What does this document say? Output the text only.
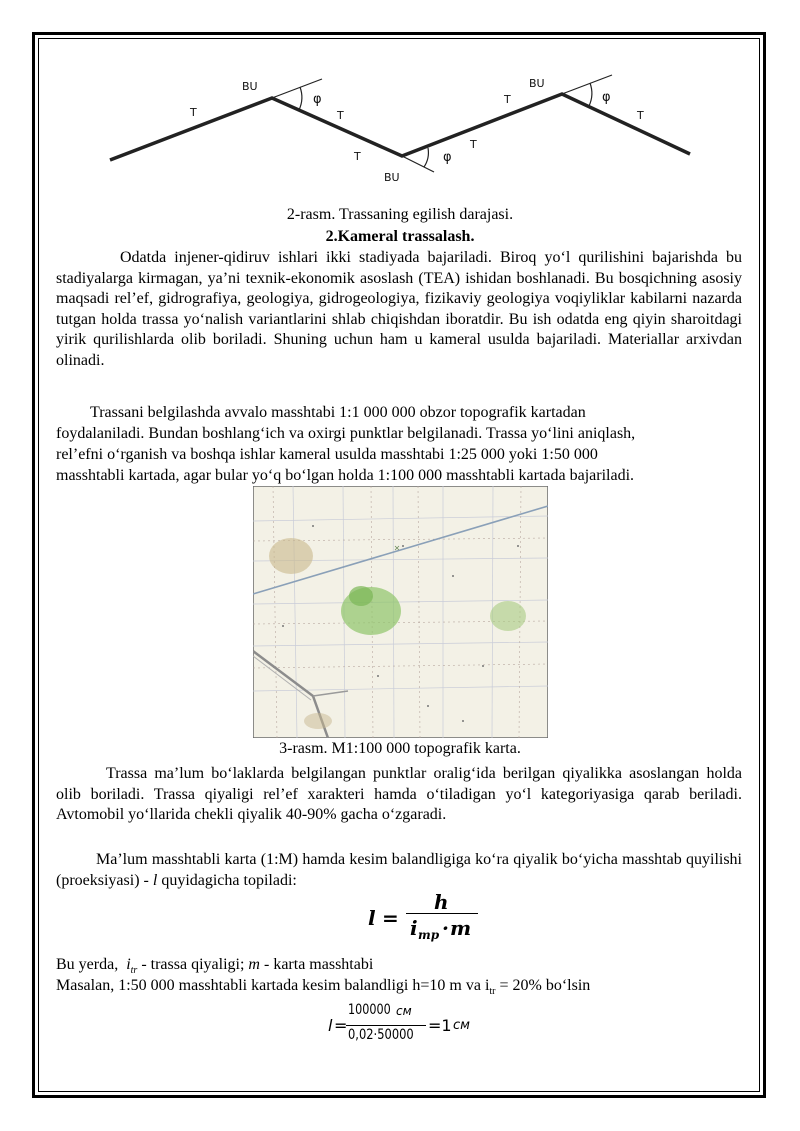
BU
T
φ
T
T
BU
φ
T
T
BU
φ
T
2-rasm. Trassaning egilish darajasi.
2.Kameral trassalash.
Odatda injener-qidiruv ishlari ikki stadiyada bajariladi. Biroq yo‘l qurilishini bajarishda bu stadiyalarga kirmagan, ya’ni texnik-ekonomik asoslash (TEA) ishidan boshlanadi. Bu bosqichning asosiy maqsadi rel’ef, gidrografiya, geologiya, gidrogeologiya, fizikaviy geologiya voqiyliklar kabilarni nazarda tutgan holda trassa yo‘nalish variantlarini shlab chiqishdan iboratdir. Bu ish odatda eng qiyin sharoitdagi yirik qurilishlarda olib boriladi. Shuning uchun ham u kameral usulda bajariladi. Materiallar arxivdan olinadi.
Trassani belgilashda avvalo masshtabi 1:1 000 000 obzor topografik kartadan
foydalaniladi. Bundan boshlang‘ich va oxirgi punktlar belgilanadi. Trassa yo‘lini aniqlash,
rel’efni o‘rganish va boshqa ishlar kameral usulda masshtabi 1:25 000 yoki 1:50 000
masshtabli kartada, agar bular yo‘q bo‘lgan holda 1:100 000 masshtabli kartada bajariladi.
3-rasm. M1:100 000 topografik karta.
Trassa ma’lum bo‘laklarda belgilangan punktlar oralig‘ida berilgan qiyalikka asoslangan holda olib boriladi. Trassa qiyaligi rel’ef xarakteri hamda o‘tiladigan yo‘l kategoriyasiga qarab beriladi. Avtomobil yo‘llarida chekli qiyalik 40-90% gacha o‘zgaradi.
Ma’lum masshtabli karta (1:M) hamda kesim balandligiga ko‘ra qiyalik bo‘yicha masshtab quyilishi (proeksiyasi) - l quyidagicha topiladi:
l =
h
i mp · m
Bu yerda, $i_{tr}$ - trassa qiyaligi; m - karta masshtabi
Masalan, 1:50 000 masshtabli kartada kesim balandligi h=10 m va $i_{tr} = 20\%$ bo‘lsin
l =
100000 см
0,02·50000 =1 см
